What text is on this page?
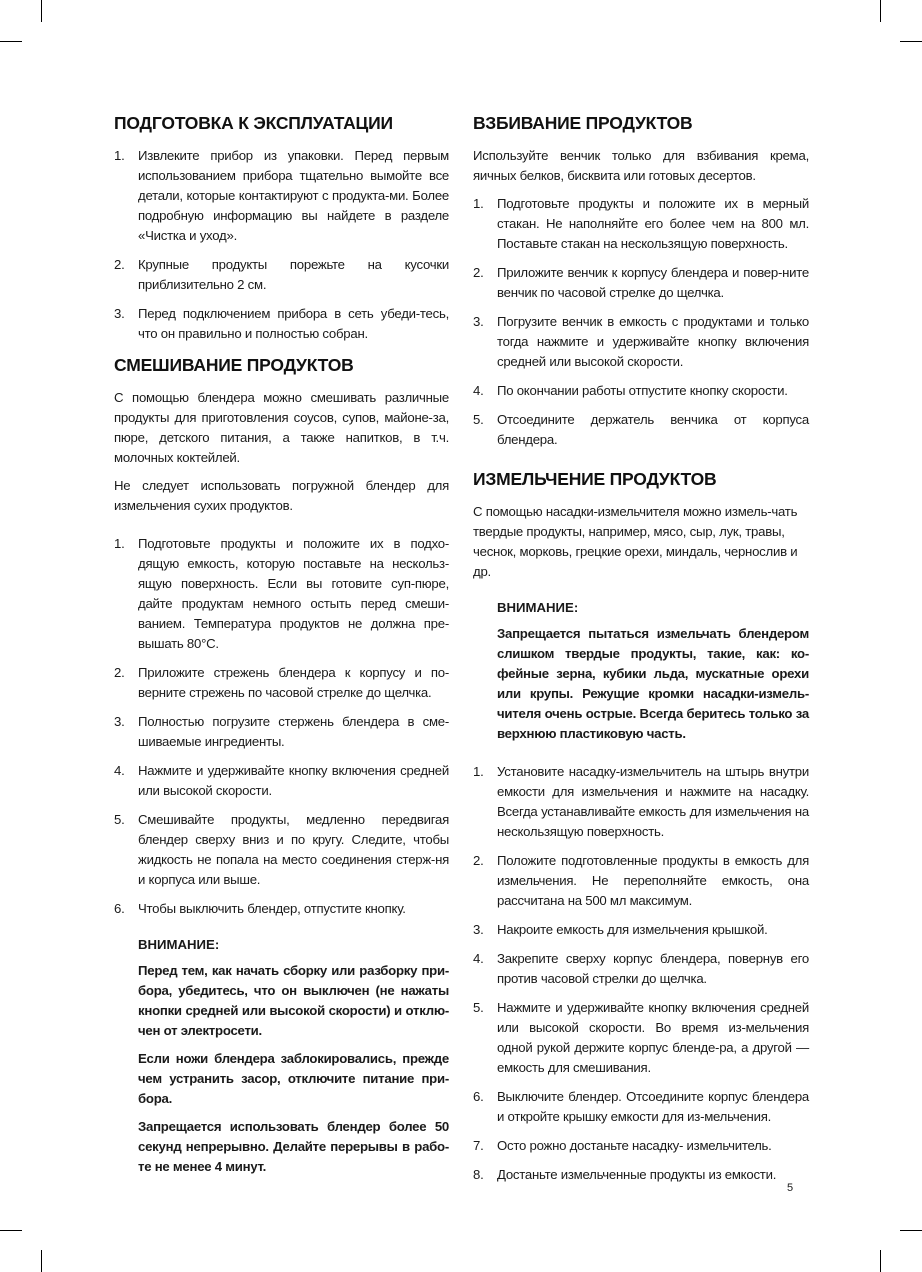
ПОДГОТОВКА К ЭКСПЛУАТАЦИИ
1. Извлеките прибор из упаковки. Перед первым использованием прибора тщательно вымойте все детали, которые контактируют с продукта-ми. Более подробную информацию вы найдете в разделе «Чистка и уход».
2. Крупные продукты порежьте на кусочки приблизительно 2 см.
3. Перед подключением прибора в сеть убеди-тесь, что он правильно и полностью собран.
СМЕШИВАНИЕ ПРОДУКТОВ

С помощью блендера можно смешивать различные продукты для приготовления соусов, супов, майоне-за, пюре, детского питания, а также напитков, в т.ч. молочных коктейлей.

Не следует использовать погружной блендер для измельчения сухих продуктов.

1. Подготовьте продукты и положите их в подхо-дящую емкость, которую поставьте на нескольз-ящую поверхность. Если вы готовите суп-пюре, дайте продуктам немного остыть перед смеши-ванием. Температура продуктов не должна пре-вышать 80°С.
2. Приложите стрежень блендера к корпусу и по-верните стрежень по часовой стрелке до щелчка.
3. Полностью погрузите стержень блендера в сме-шиваемые ингредиенты.
4. Нажмите и удерживайте кнопку включения средней или высокой скорости.
5. Смешивайте продукты, медленно передвигая блендер сверху вниз и по кругу. Следите, чтобы жидкость не попала на место соединения стерж-ня и корпуса или выше.
6. Чтобы выключить блендер, отпустите кнопку.
ВНИМАНИЕ:

Перед тем, как начать сборку или разборку при-бора, убедитесь, что он выключен (не нажаты кнопки средней или высокой скорости) и отклю-чен от электросети.

Если ножи блендера заблокировались, прежде чем устранить засор, отключите питание при-бора.

Запрещается использовать блендер более 50 секунд непрерывно. Делайте перерывы в рабо-те не менее 4 минут.

ВЗБИВАНИЕ ПРОДУКТОВ

Используйте венчик только для взбивания крема, яичных белков, бисквита или готовых десертов.

1. Подготовьте продукты и положите их в мерный стакан. Не наполняйте его более чем на 800 мл. Поставьте стакан на нескользящую поверхность.
2. Приложите венчик к корпусу блендера и повер-ните венчик по часовой стрелке до щелчка.
3. Погрузите венчик в емкость с продуктами и только тогда нажмите и удерживайте кнопку включения средней или высокой скорости.
4. По окончании работы отпустите кнопку скорости.
5. Отсоедините держатель венчика от корпуса блендера.
ИЗМЕЛЬЧЕНИЕ ПРОДУКТОВ

С помощью насадки-измельчителя можно измель-чать твердые продукты, например, мясо, сыр, лук, травы, чеснок, морковь, грецкие орехи, миндаль, чернослив и др.

ВНИМАНИЕ:

Запрещается пытаться измельчать блендером слишком твердые продукты, такие, как: ко-фейные зерна, кубики льда, мускатные орехи или крупы. Режущие кромки насадки-измель-чителя очень острые. Всегда беритесь только за верхнюю пластиковую часть.

1. Установите насадку-измельчитель на штырь внутри емкости для измельчения и нажмите на насадку. Всегда устанавливайте емкость для измельчения на нескользящую поверхность.
2. Положите подготовленные продукты в емкость для измельчения. Не переполняйте емкость, она рассчитана на 500 мл максимум.
3. Накроите емкость для измельчения крышкой.
4. Закрепите сверху корпус блендера, повернув его против часовой стрелки до щелчка.
5. Нажмите и удерживайте кнопку включения средней или высокой скорости. Во время из-мельчения одной рукой держите корпус бленде-ра, а другой — емкость для смешивания.
6. Выключите блендер. Отсоедините корпус блендера и откройте крышку емкости для из-мельчения.
7. Осто рожно достаньте насадку- измельчитель.
8. Достаньте измельченные продукты из емкости.
5
